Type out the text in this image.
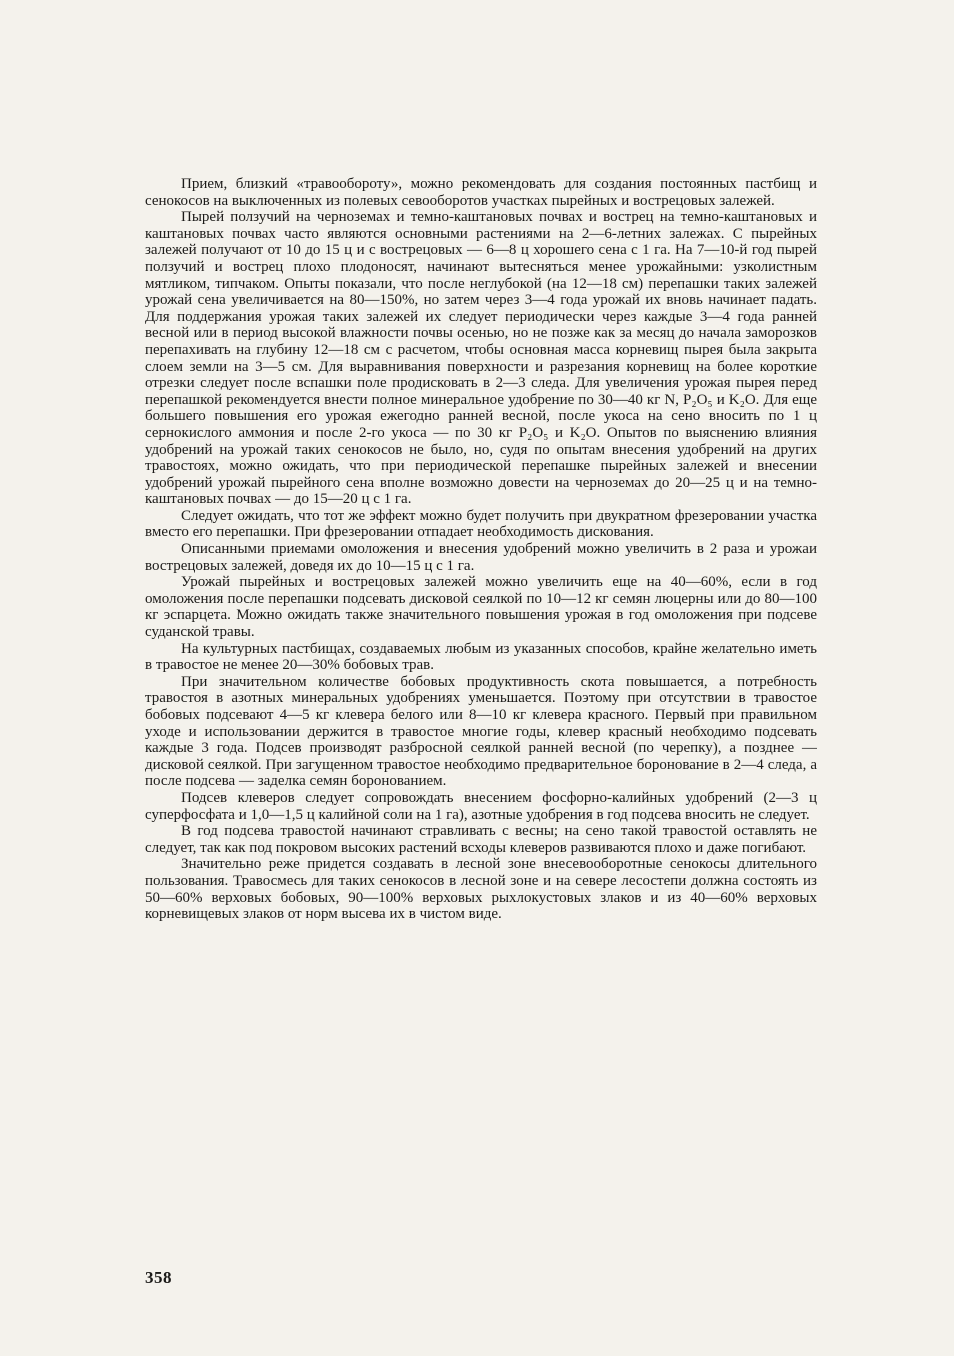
Прием, близкий «травообороту», можно рекомендовать для создания постоянных пастбищ и сенокосов на выключенных из полевых севооборотов участках пырейных и вострецовых залежей.

Пырей ползучий на черноземах и темно-каштановых почвах и вострец на темно-каштановых и каштановых почвах часто являются основными растениями на 2—6-летних залежах. С пырейных залежей получают от 10 до 15 ц и с вострецовых — 6—8 ц хорошего сена с 1 га. На 7—10-й год пырей ползучий и вострец плохо плодоносят, начинают вытесняться менее урожайными: узколистным мятликом, типчаком. Опыты показали, что после неглубокой (на 12—18 см) перепашки таких залежей урожай сена увеличивается на 80—150%, но затем через 3—4 года урожай их вновь начинает падать. Для поддержания урожая таких залежей их следует периодически через каждые 3—4 года ранней весной или в период высокой влажности почвы осенью, но не позже как за месяц до начала заморозков перепахивать на глубину 12—18 см с расчетом, чтобы основная масса корневищ пырея была закрыта слоем земли на 3—5 см. Для выравнивания поверхности и разрезания корневищ на более короткие отрезки следует после вспашки поле продисковать в 2—3 следа. Для увеличения урожая пырея перед перепашкой рекомендуется внести полное минеральное удобрение по 30—40 кг N, P₂O₅ и K₂O. Для еще большего повышения его урожая ежегодно ранней весной, после укоса на сено вносить по 1 ц сернокислого аммония и после 2-го укоса — по 30 кг P₂O₅ и K₂O. Опытов по выяснению влияния удобрений на урожай таких сенокосов не было, но, судя по опытам внесения удобрений на других травостоях, можно ожидать, что при периодической перепашке пырейных залежей и внесении удобрений урожай пырейного сена вполне возможно довести на черноземах до 20—25 ц и на темно-каштановых почвах — до 15—20 ц с 1 га.

Следует ожидать, что тот же эффект можно будет получить при двукратном фрезеровании участка вместо его перепашки. При фрезеровании отпадает необходимость дискования.

Описанными приемами омоложения и внесения удобрений можно увеличить в 2 раза и урожаи вострецовых залежей, доведя их до 10—15 ц с 1 га.

Урожай пырейных и вострецовых залежей можно увеличить еще на 40—60%, если в год омоложения после перепашки подсевать дисковой сеялкой по 10—12 кг семян люцерны или до 80—100 кг эспарцета. Можно ожидать также значительного повышения урожая в год омоложения при подсеве суданской травы.

На культурных пастбищах, создаваемых любым из указанных способов, крайне желательно иметь в травостое не менее 20—30% бобовых трав.

При значительном количестве бобовых продуктивность скота повышается, а потребность травостоя в азотных минеральных удобрениях уменьшается. Поэтому при отсутствии в травостое бобовых подсевают 4—5 кг клевера белого или 8—10 кг клевера красного. Первый при правильном уходе и использовании держится в травостое многие годы, клевер красный необходимо подсевать каждые 3 года. Подсев производят разбросной сеялкой ранней весной (по черепку), а позднее — дисковой сеялкой. При загущенном травостое необходимо предварительное боронование в 2—4 следа, а после подсева — заделка семян боронованием.

Подсев клеверов следует сопровождать внесением фосфорно-калийных удобрений (2—3 ц суперфосфата и 1,0—1,5 ц калийной соли на 1 га), азотные удобрения в год подсева вносить не следует.

В год подсева травостой начинают стравливать с весны; на сено такой травостой оставлять не следует, так как под покровом высоких растений всходы клеверов развиваются плохо и даже погибают.

Значительно реже придется создавать в лесной зоне внесевооборотные сенокосы длительного пользования. Травосмесь для таких сенокосов в лесной зоне и на севере лесостепи должна состоять из 50—60% верховых бобовых, 90—100% верховых рыхлокустовых злаков и из 40—60% верховых корневищевых злаков от норм высева их в чистом виде.

358
